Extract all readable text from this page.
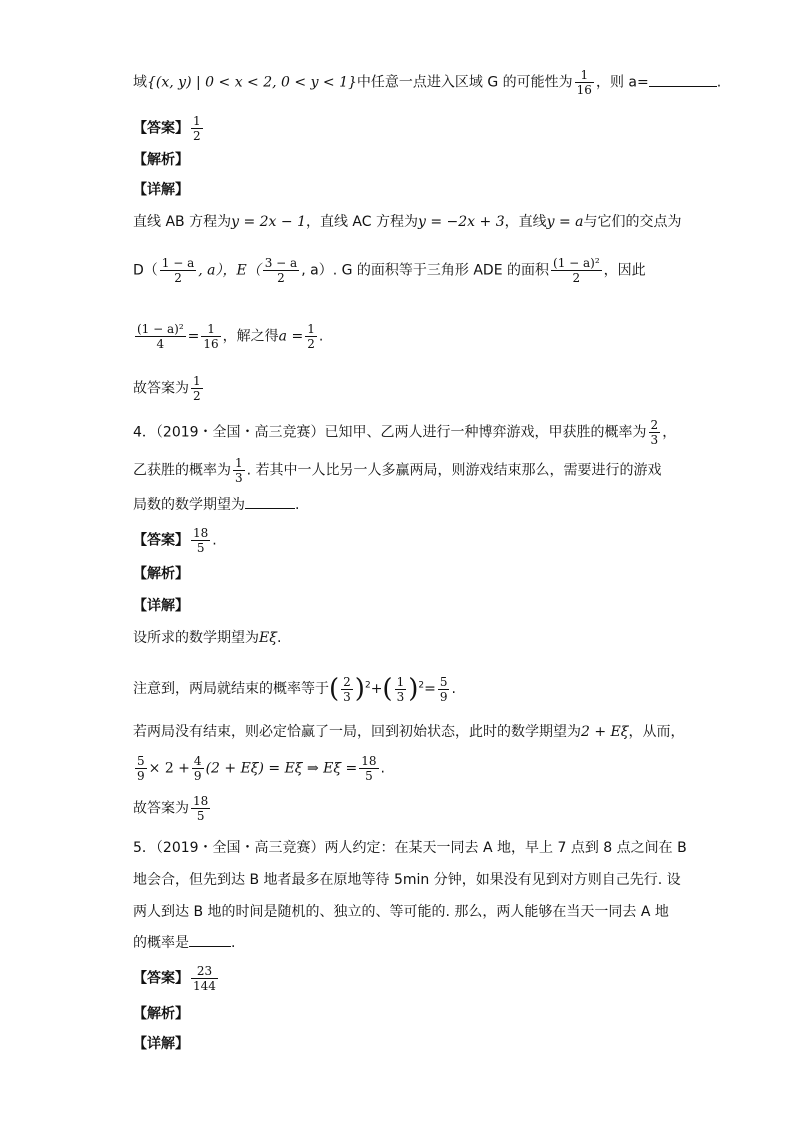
域{(x, y) | 0 < x < 2, 0 < y < 1}中任意一点进入区域 G 的可能性为 $\frac{1}{16}$ ，则 a=	.
【答案】 $\frac{1}{2}$
【解析】
【详解】
直线 AB 方程为y = 2x − 1，直线 AC 方程为y = −2x + 3，直线y = a与它们的交点为
$D( \frac{1 - a}{2}$ , a），$E( \frac{3 - a}{2}$ , a）. G 的面积等于三角形 ADE 的面积 $\frac{\text{(1 − a)²}}{2}$ ，因此
$\frac{\text{(1 − a)²}}{4} = \frac{1}{16}$ ，解之得$a = \frac{1}{2}$ .
故答案为 $\frac{1}{2}$
4．（2019・全国・高三竞赛）已知甲、乙两人进行一种博弈游戏，甲获胜的概率为 $\frac{2}{3}$ ，
乙获胜的概率为 $\frac{1}{3}$ . 若其中一人比另一人多赢两局，则游戏结束那么，需要进行的游戏
局数的数学期望为	.
【答案】 $\frac{18}{5}$ .
【解析】
【详解】
设所求的数学期望为Eξ.
注意到，两局就结束的概率等于( $\frac{2}{3} )^2+( \frac{1}{3} )^2= \frac{5}{9}$ .
若两局没有结束，则必定恰赢了一局，回到初始状态，此时的数学期望为2 + Eξ，从而，
$\frac{5}{9} \times 2 + \frac{4}{9} (2 + E\xi) = E\xi$ ⇒ $E\xi = \frac{18}{5}$ .
故答案为 $\frac{18}{5}$
5．（2019・全国・高三竞赛）两人约定：在某天一同去 A 地，早上 7 点到 8 点之间在 B
地会合，但先到达 B 地者最多在原地等待 5min 分钟，如果没有见到对方则自己先行. 设
两人到达 B 地的时间是随机的、独立的、等可能的. 那么，两人能够在当天一同去 A 地
的概率是	.
【答案】 $\frac{23}{144}$
【解析】
【详解】
